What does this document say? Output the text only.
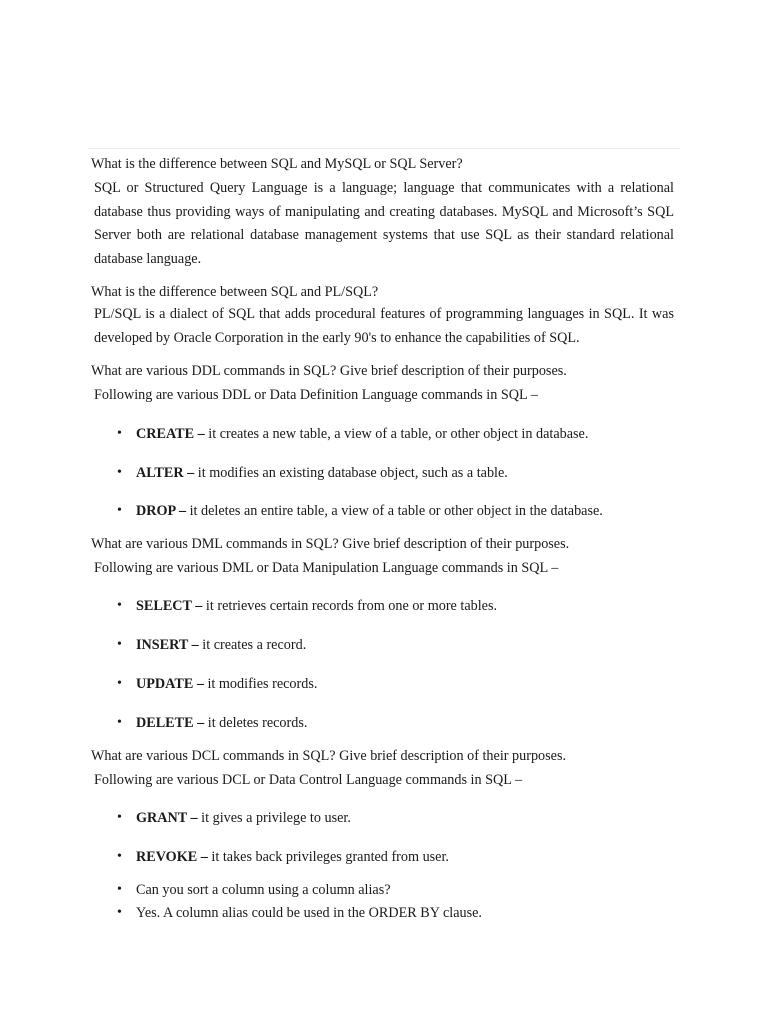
What is the difference between SQL and MySQL or SQL Server?
SQL or Structured Query Language is a language; language that communicates with a relational database thus providing ways of manipulating and creating databases. MySQL and Microsoft’s SQL Server both are relational database management systems that use SQL as their standard relational database language.
What is the difference between SQL and PL/SQL?
PL/SQL is a dialect of SQL that adds procedural features of programming languages in SQL. It was developed by Oracle Corporation in the early 90's to enhance the capabilities of SQL.
What are various DDL commands in SQL? Give brief description of their purposes.
Following are various DDL or Data Definition Language commands in SQL –
• CREATE – it creates a new table, a view of a table, or other object in database.
• ALTER – it modifies an existing database object, such as a table.
• DROP – it deletes an entire table, a view of a table or other object in the database.
What are various DML commands in SQL? Give brief description of their purposes.
Following are various DML or Data Manipulation Language commands in SQL –
• SELECT – it retrieves certain records from one or more tables.
• INSERT – it creates a record.
• UPDATE – it modifies records.
• DELETE – it deletes records.
What are various DCL commands in SQL? Give brief description of their purposes.
Following are various DCL or Data Control Language commands in SQL –
• GRANT – it gives a privilege to user.
• REVOKE – it takes back privileges granted from user.
• Can you sort a column using a column alias?
• Yes. A column alias could be used in the ORDER BY clause.
